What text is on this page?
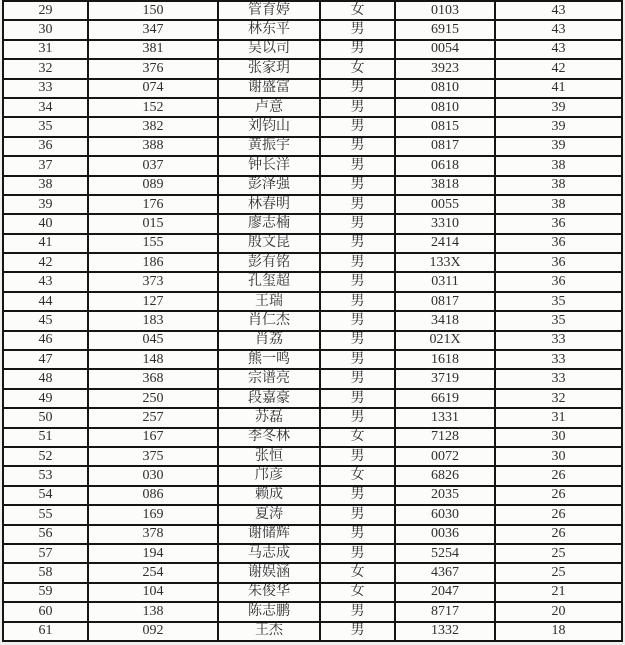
29	150	管育婷	女	0103	43
30	347	林东平	男	6915	43
31	381	吴以司	男	0054	43
32	376	张家玥	女	3923	42
33	074	谢盛富	男	0810	41
34	152	卢意	男	0810	39
35	382	刘钧山	男	0815	39
36	388	黄振宇	男	0817	39
37	037	钟长洋	男	0618	38
38	089	彭泽强	男	3818	38
39	176	林春明	男	0055	38
40	015	廖志楠	男	3310	36
41	155	殷文昆	男	2414	36
42	186	彭有铭	男	133X	36
43	373	孔玺超	男	0311	36
44	127	王瑞	男	0817	35
45	183	肖仁杰	男	3418	35
46	045	肖荔	男	021X	33
47	148	熊一鸣	男	1618	33
48	368	宗谱亮	男	3719	33
49	250	段嘉豪	男	6619	32
50	257	苏磊	男	1331	31
51	167	李冬林	女	7128	30
52	375	张恒	男	0072	30
53	030	邝彦	女	6826	26
54	086	赖成	男	2035	26
55	169	夏涛	男	6030	26
56	378	谢储辉	男	0036	26
57	194	马志成	男	5254	25
58	254	谢娱涵	女	4367	25
59	104	朱俊华	女	2047	21
60	138	陈志鹏	男	8717	20
61	092	王杰	男	1332	18
